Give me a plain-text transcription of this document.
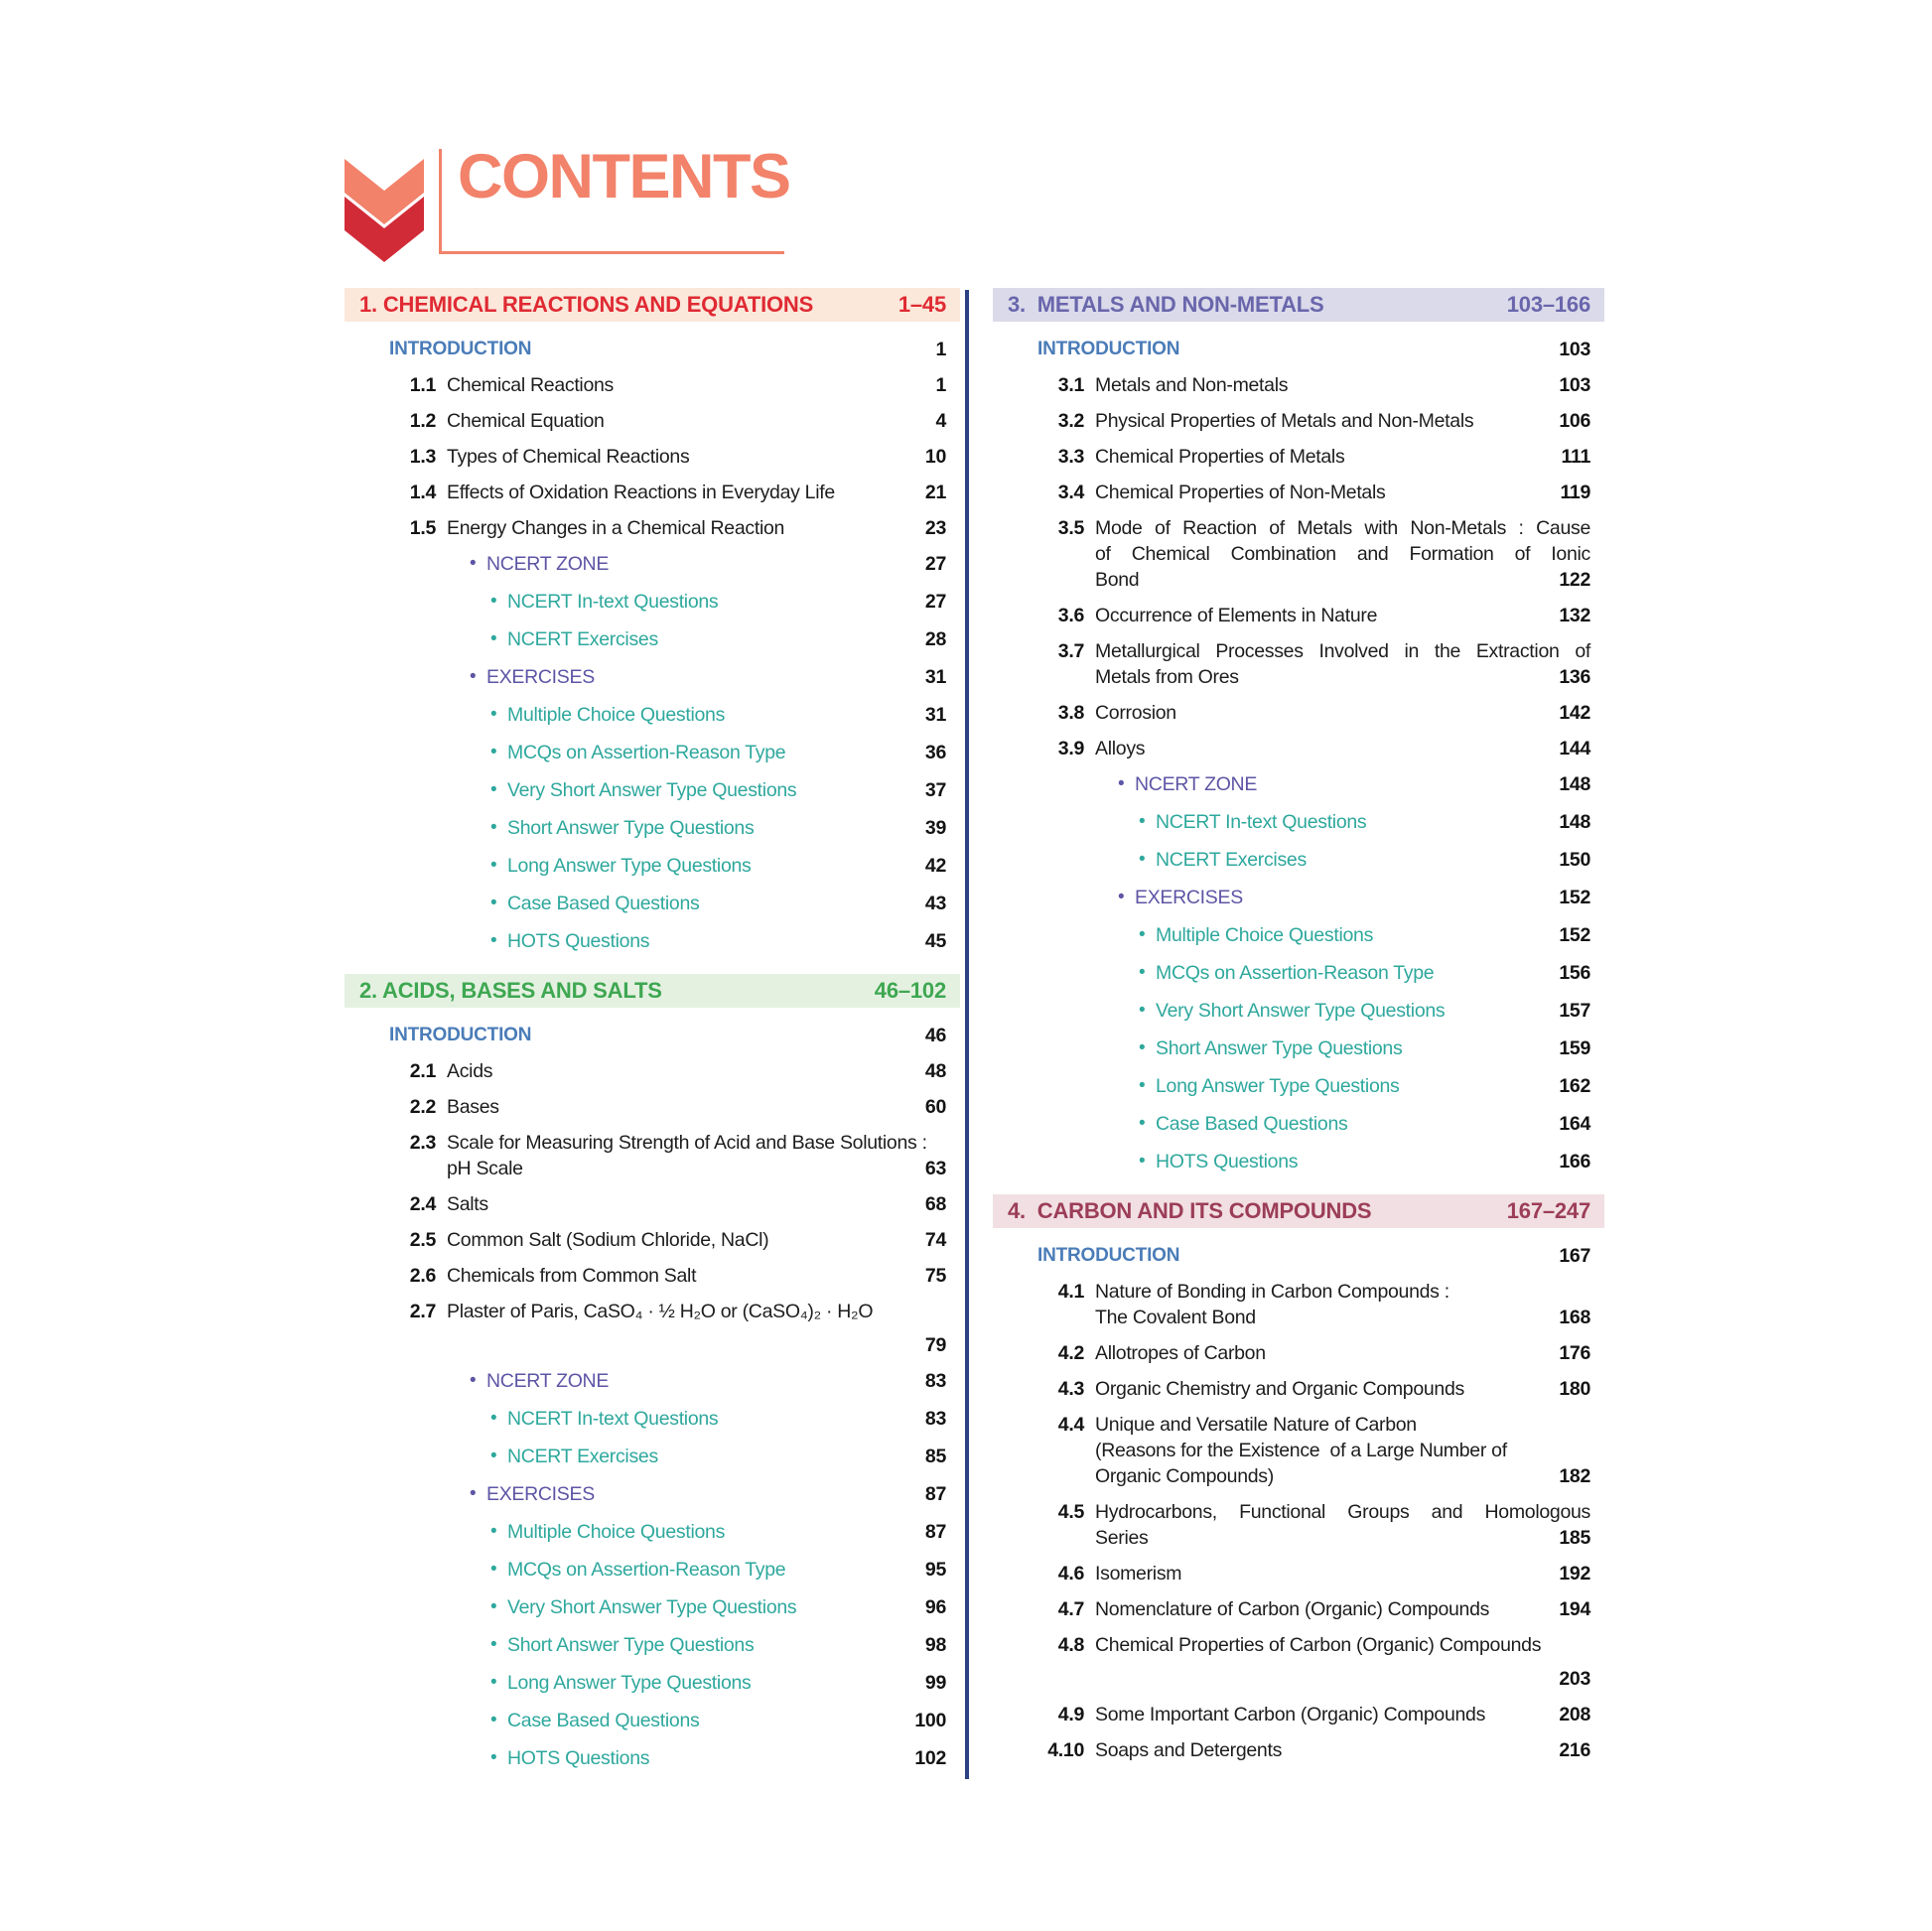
CONTENTS
1. CHEMICAL REACTIONS AND EQUATIONS	1–45
INTRODUCTION	1
1.1 Chemical Reactions	1
1.2 Chemical Equation	4
1.3 Types of Chemical Reactions	10
1.4 Effects of Oxidation Reactions in Everyday Life	21
1.5 Energy Changes in a Chemical Reaction	23
• NCERT ZONE	27
• NCERT In-text Questions	27
• NCERT Exercises	28
• EXERCISES	31
• Multiple Choice Questions	31
• MCQs on Assertion-Reason Type	36
• Very Short Answer Type Questions	37
• Short Answer Type Questions	39
• Long Answer Type Questions	42
• Case Based Questions	43
• HOTS Questions	45
2. ACIDS, BASES AND SALTS	46–102
INTRODUCTION	46
2.1 Acids	48
2.2 Bases	60
2.3 Scale for Measuring Strength of Acid and Base Solutions :
pH Scale	63
2.4 Salts	68
2.5 Common Salt (Sodium Chloride, NaCl)	74
2.6 Chemicals from Common Salt	75
2.7 Plaster of Paris, CaSO₄ · ½ H₂O or (CaSO₄)₂ · H₂O
79
• NCERT ZONE	83
• NCERT In-text Questions	83
• NCERT Exercises	85
• EXERCISES	87
• Multiple Choice Questions	87
• MCQs on Assertion-Reason Type	95
• Very Short Answer Type Questions	96
• Short Answer Type Questions	98
• Long Answer Type Questions	99
• Case Based Questions	100
• HOTS Questions	102
3.  METALS AND NON-METALS	103–166
INTRODUCTION	103
3.1 Metals and Non-metals	103
3.2 Physical Properties of Metals and Non-Metals	106
3.3 Chemical Properties of Metals	111
3.4 Chemical Properties of Non-Metals	119
3.5 Mode of Reaction of Metals with Non-Metals : Cause
of Chemical Combination and Formation of Ionic
Bond	122
3.6 Occurrence of Elements in Nature	132
3.7 Metallurgical Processes Involved in the Extraction of
Metals from Ores	136
3.8 Corrosion	142
3.9 Alloys	144
• NCERT ZONE	148
• NCERT In-text Questions	148
• NCERT Exercises	150
• EXERCISES	152
• Multiple Choice Questions	152
• MCQs on Assertion-Reason Type	156
• Very Short Answer Type Questions	157
• Short Answer Type Questions	159
• Long Answer Type Questions	162
• Case Based Questions	164
• HOTS Questions	166
4.  CARBON AND ITS COMPOUNDS	167–247
INTRODUCTION	167
4.1 Nature of Bonding in Carbon Compounds :
The Covalent Bond	168
4.2 Allotropes of Carbon	176
4.3 Organic Chemistry and Organic Compounds	180
4.4 Unique and Versatile Nature of Carbon
(Reasons for the Existence  of a Large Number of
Organic Compounds)	182
4.5 Hydrocarbons, Functional Groups and Homologous
Series	185
4.6 Isomerism	192
4.7 Nomenclature of Carbon (Organic) Compounds	194
4.8 Chemical Properties of Carbon (Organic) Compounds
203
4.9 Some Important Carbon (Organic) Compounds	208
4.10 Soaps and Detergents	216
